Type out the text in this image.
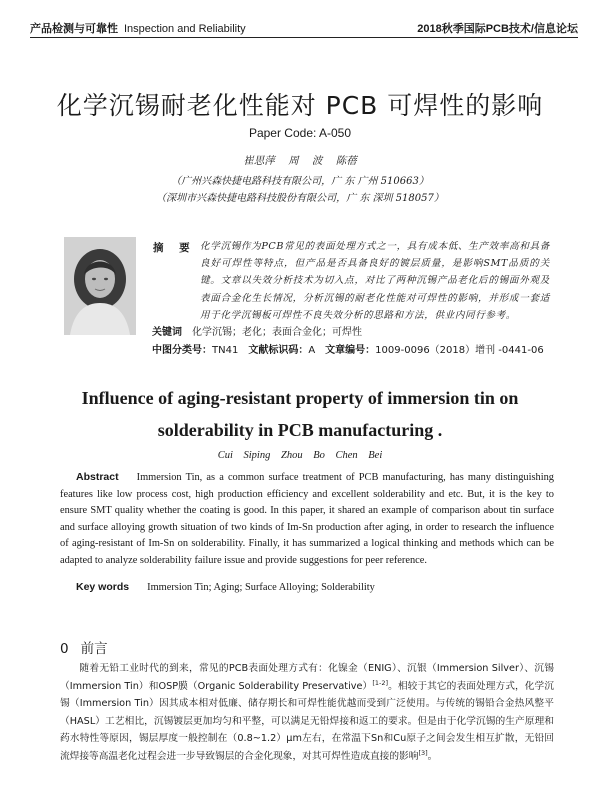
产品检测与可靠性 Inspection and Reliability	2018秋季国际PCB技术/信息论坛
化学沉锡耐老化性能对 PCB 可焊性的影响
Paper Code: A-050
崔思萍 周 波 陈蓓
（广州兴森快捷电路科技有限公司，广 东 广州 510663）
（深圳市兴森快捷电路科技股份有限公司，广 东 深圳 518057）
摘 要 化学沉锡作为PCB常见的表面处理方式之一，具有成本低、生产效率高和具备良好可焊性等特点，但产品是否具备良好的镀层质量，是影响SMT品质的关键。文章以失效分析技术为切入点，对比了两种沉锡产品老化后的锡面外观及表面合金化生长情况，分析沉锡的耐老化性能对可焊性的影响，并形成一套适用于化学沉锡板可焊性不良失效分析的思路和方法，供业内同行参考。
关键词 化学沉锡；老化；表面合金化；可焊性
中图分类号：TN41 文献标识码：A 文章编号：1009-0096（2018）增刊 -0441-06
Influence of aging-resistant property of immersion tin on solderability in PCB manufacturing .
Cui Siping Zhou Bo Chen Bei
Abstract Immersion Tin, as a common surface treatment of PCB manufacturing, has many distinguishing features like low process cost, high production efficiency and excellent solderability and etc. But, it is the key to ensure SMT quality whether the coating is good. In this paper, it shared an example of comparison about tin surface and surface alloying growth situation of two kinds of Im-Sn production after aging, in order to research the influence of aging-resistant of Im-Sn on solderability. Finally, it has summarized a logical thinking and methods which can be adapted to analyze solderability failure issue and provide suggestions for peer reference.
Key words Immersion Tin; Aging; Surface Alloying; Solderability
0 前言
随着无铅工业时代的到来，常见的PCB表面处理方式有：化镍金（ENIG）、沉银（Immersion Silver）、沉锡（Immersion Tin）和OSP膜（Organic Solderability Preservative）[1-2]。相较于其它的表面处理方式，化学沉锡（Immersion Tin）因其成本相对低廉、储存期长和可焊性能优越而受到广泛使用。与传统的锡铅合金热风整平（HASL）工艺相比，沉锡镀层更加均匀和平整，可以满足无铅焊接和返工的要求。但是由于化学沉锡的生产原理和药水特性等原因，锡层厚度一般控制在（0.8~1.2）μm左右，在常温下Sn和Cu原子之间会发生相互扩散，无铅回流焊接等高温老化过程会进一步导致锡层的合金化现象，对其可焊性造成直接的影响[3]。
